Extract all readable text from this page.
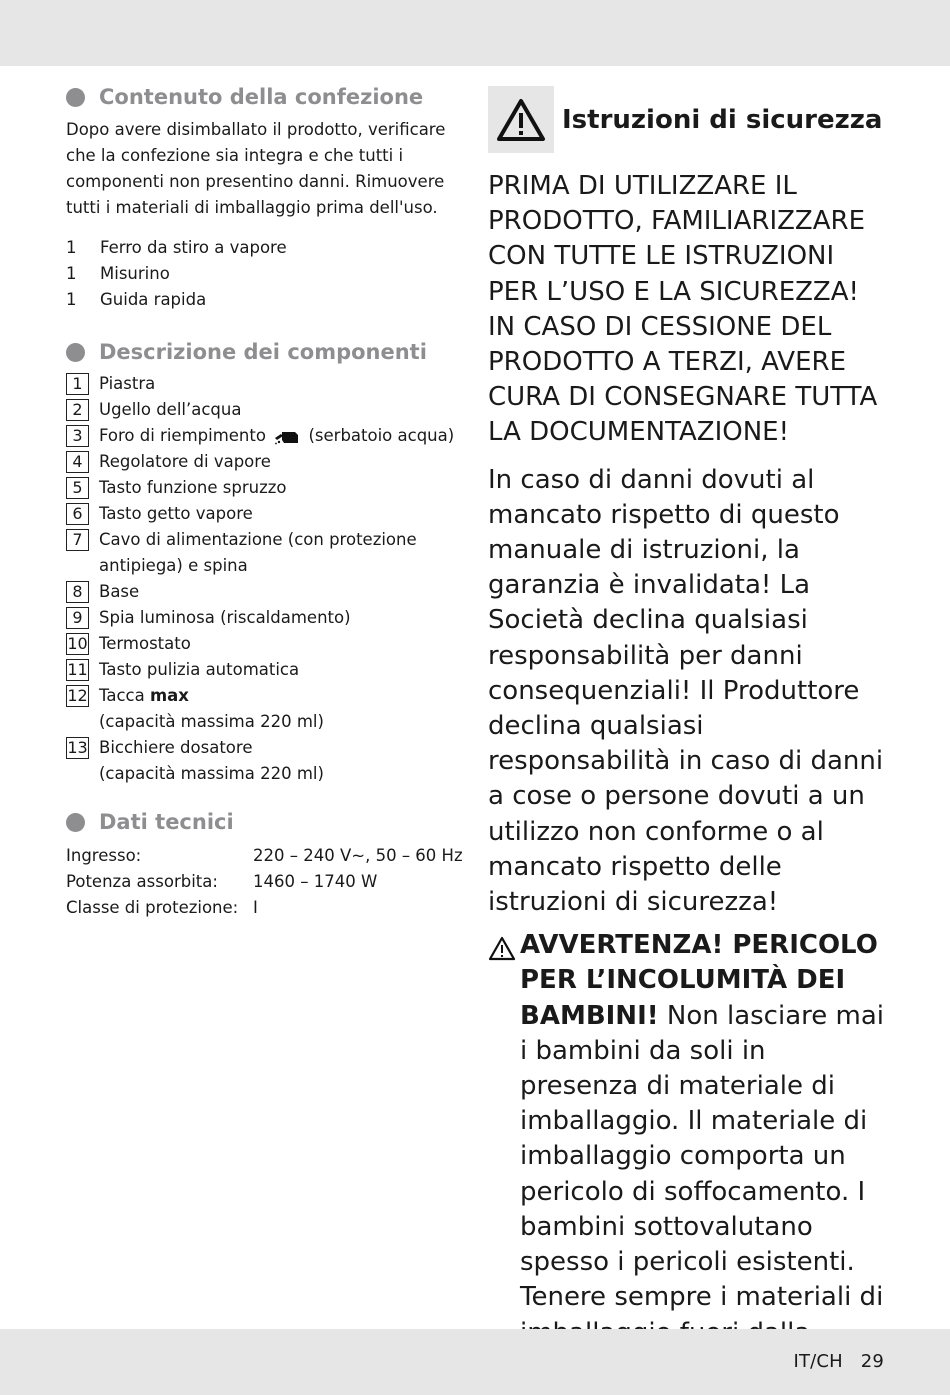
Contenuto della confezione

Dopo avere disimballato il prodotto, verificare che la confezione sia integra e che tutti i componenti non presentino danni. Rimuovere tutti i materiali di imballaggio prima dell'uso.

1	Ferro da stiro a vapore
1	Misurino
1	Guida rapida
Descrizione dei componenti
1 Piastra
2 Ugello dell’acqua
3 Foro di riempimento	(serbatoio acqua)
4 Regolatore di vapore
5 Tasto funzione spruzzo
6 Tasto getto vapore
7 Cavo di alimentazione (con protezione antipiega) e spina
8 Base
9 Spia luminosa (riscaldamento)
10 Termostato
11 Tasto pulizia automatica
12 Tacca max
(capacità massima 220 ml)
13 Bicchiere dosatore
(capacità massima 220 ml)
Dati tecnici
Ingresso:	220 – 240 V∼, 50 – 60 Hz
Potenza assorbita:	1460 – 1740 W
Classe di protezione: I
Istruzioni di sicurezza

PRIMA DI UTILIZZARE IL PRODOTTO, FAMILIARIZZARE CON TUTTE LE ISTRUZIONI PER L’USO E LA SICUREZZA! IN CASO DI CESSIONE DEL PRODOTTO A TERZI, AVERE CURA DI CONSEGNARE TUTTA LA DOCUMENTAZIONE!

In caso di danni dovuti al mancato rispetto di questo manuale di istruzioni, la garanzia è invalidata! La Società declina qualsiasi responsabilità per danni consequenziali! Il Produttore declina qualsiasi responsabilità in caso di danni a cose o persone dovuti a un utilizzo non conforme o al mancato rispetto delle istruzioni di sicurezza!

AVVERTENZA! PERICOLO PER L’INCOLUMITÀ DEI BAMBINI! Non lasciare mai i bambini da soli in presenza di materiale di imballaggio. Il materiale di imballaggio comporta un pericolo di soffocamento. I bambini sottovalutano spesso i pericoli esistenti. Tenere sempre i materiali di

IT/CH 29
